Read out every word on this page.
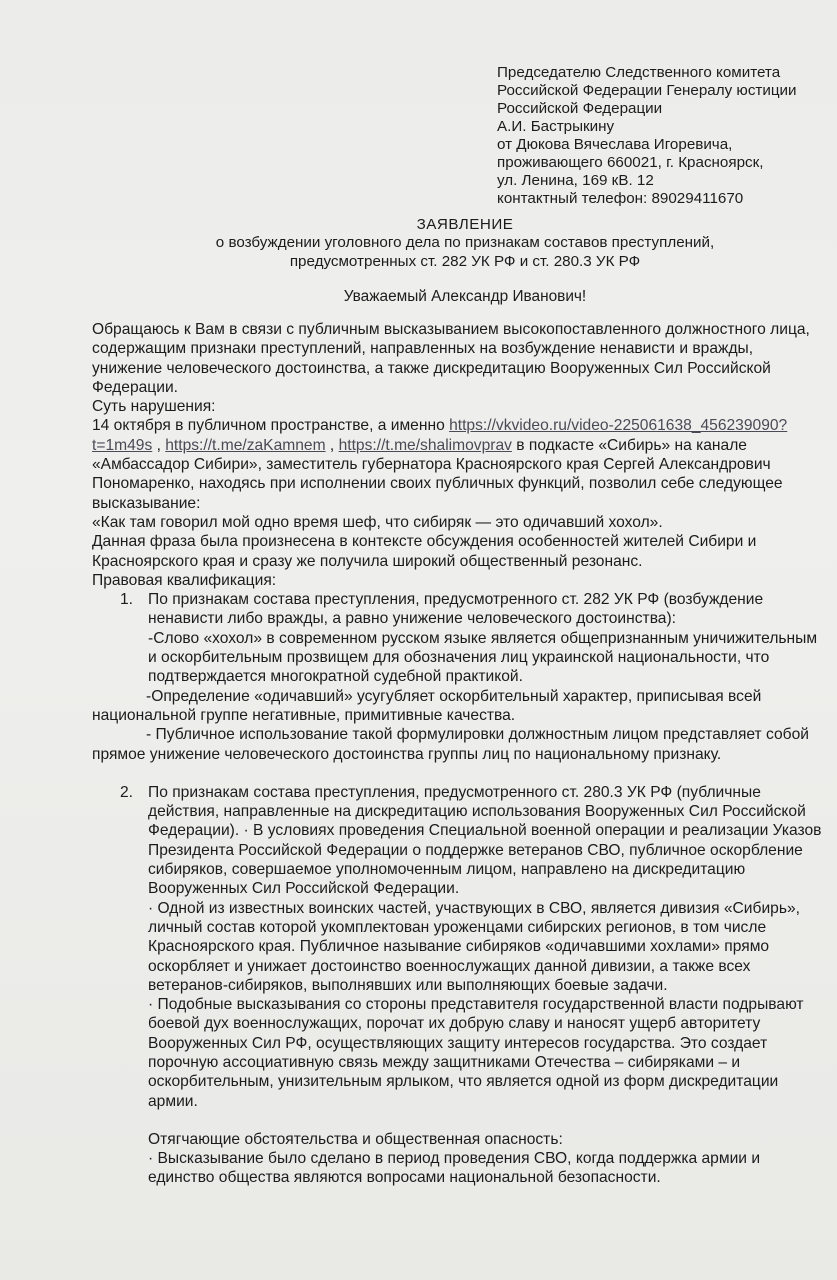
Председателю Следственного комитета
Российской Федерации Генералу юстиции
Российской Федерации
А.И. Бастрыкину
от Дюкова Вячеслава Игоревича,
проживающего 660021, г. Красноярск,
ул. Ленина, 169 кВ. 12
контактный телефон: 89029411670
ЗАЯВЛЕНИЕ
о возбуждении уголовного дела по признакам составов преступлений,
предусмотренных ст. 282 УК РФ и ст. 280.3 УК РФ
Уважаемый Александр Иванович!

Обращаюсь к Вам в связи с публичным высказыванием высокопоставленного должностного лица, содержащим признаки преступлений, направленных на возбуждение ненависти и вражды, унижение человеческого достоинства, а также дискредитацию Вооруженных Сил Российской Федерации.

Суть нарушения:

14 октября в публичном пространстве, а именно https://vkvideo.ru/video-225061638_456239090?t=1m49s , https://t.me/zaKamnem , https://t.me/shalimovprav в подкасте «Сибирь» на канале «Амбассадор Сибири», заместитель губернатора Красноярского края Сергей Александрович Пономаренко, находясь при исполнении своих публичных функций, позволил себе следующее высказывание:

«Как там говорил мой одно время шеф, что сибиряк — это одичавший хохол».

Данная фраза была произнесена в контексте обсуждения особенностей жителей Сибири и Красноярского края и сразу же получила широкий общественный резонанс.

Правовая квалификация:

1. По признакам состава преступления, предусмотренного ст. 282 УК РФ (возбуждение ненависти либо вражды, а равно унижение человеческого достоинства):

-Слово «хохол» в современном русском языке является общепризнанным уничижительным и оскорбительным прозвищем для обозначения лиц украинской национальности, что подтверждается многократной судебной практикой.

-Определение «одичавший» усугубляет оскорбительный характер, приписывая всей национальной группе негативные, примитивные качества.

- Публичное использование такой формулировки должностным лицом представляет собой прямое унижение человеческого достоинства группы лиц по национальному признаку.

2. По признакам состава преступления, предусмотренного ст. 280.3 УК РФ (публичные действия, направленные на дискредитацию использования Вооруженных Сил Российской Федерации). · В условиях проведения Специальной военной операции и реализации Указов Президента Российской Федерации о поддержке ветеранов СВО, публичное оскорбление сибиряков, совершаемое уполномоченным лицом, направлено на дискредитацию Вооруженных Сил Российской Федерации.

· Одной из известных воинских частей, участвующих в СВО, является дивизия «Сибирь», личный состав которой укомплектован уроженцами сибирских регионов, в том числе Красноярского края. Публичное называние сибиряков «одичавшими хохлами» прямо оскорбляет и унижает достоинство военнослужащих данной дивизии, а также всех ветеранов-сибиряков, выполнявших или выполняющих боевые задачи.

· Подобные высказывания со стороны представителя государственной власти подрывают боевой дух военнослужащих, порочат их добрую славу и наносят ущерб авторитету Вооруженных Сил РФ, осуществляющих защиту интересов государства. Это создает порочную ассоциативную связь между защитниками Отечества – сибиряками – и оскорбительным, унизительным ярлыком, что является одной из форм дискредитации армии.

Отягчающие обстоятельства и общественная опасность:

· Высказывание было сделано в период проведения СВО, когда поддержка армии и единство общества являются вопросами национальной безопасности.
